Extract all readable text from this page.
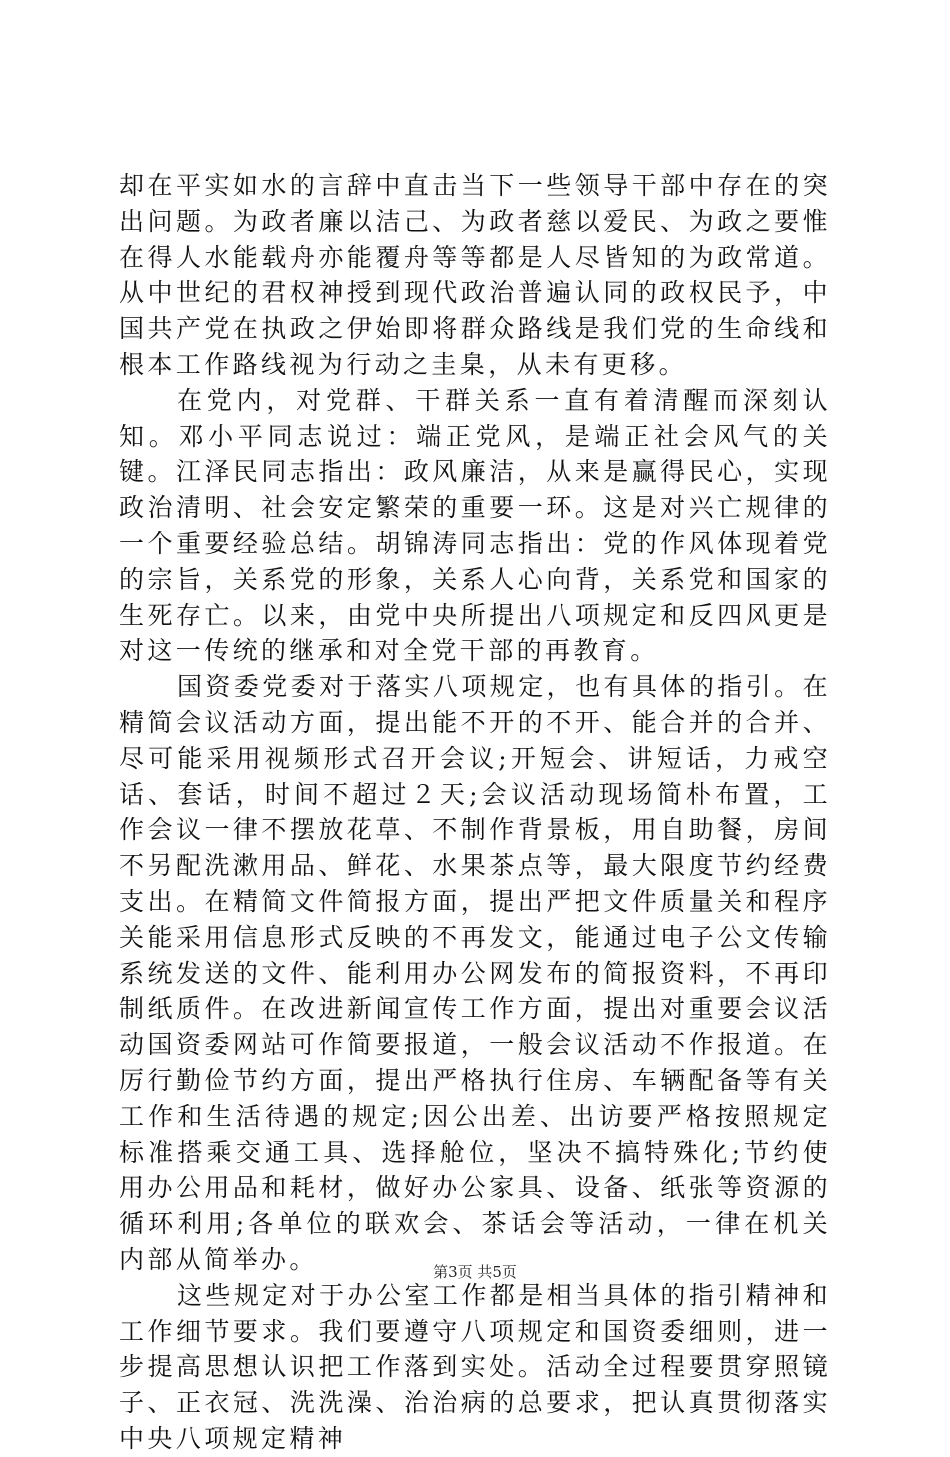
却在平实如水的言辞中直击当下一些领导干部中存在的突出问题。为政者廉以洁己、为政者慈以爱民、为政之要惟在得人水能载舟亦能覆舟等等都是人尽皆知的为政常道。从中世纪的君权神授到现代政治普遍认同的政权民予，中国共产党在执政之伊始即将群众路线是我们党的生命线和根本工作路线视为行动之圭臬，从未有更移。

在党内，对党群、干群关系一直有着清醒而深刻认知。邓小平同志说过：端正党风，是端正社会风气的关键。江泽民同志指出：政风廉洁，从来是赢得民心，实现政治清明、社会安定繁荣的重要一环。这是对兴亡规律的一个重要经验总结。胡锦涛同志指出：党的作风体现着党的宗旨，关系党的形象，关系人心向背，关系党和国家的生死存亡。以来，由党中央所提出八项规定和反四风更是对这一传统的继承和对全党干部的再教育。

国资委党委对于落实八项规定，也有具体的指引。在精简会议活动方面，提出能不开的不开、能合并的合并、尽可能采用视频形式召开会议;开短会、讲短话，力戒空话、套话，时间不超过２天;会议活动现场简朴布置，工作会议一律不摆放花草、不制作背景板，用自助餐，房间不另配洗漱用品、鲜花、水果茶点等，最大限度节约经费支出。在精简文件简报方面，提出严把文件质量关和程序关能采用信息形式反映的不再发文，能通过电子公文传输系统发送的文件、能利用办公网发布的简报资料，不再印制纸质件。在改进新闻宣传工作方面，提出对重要会议活动国资委网站可作简要报道，一般会议活动不作报道。在厉行勤俭节约方面，提出严格执行住房、车辆配备等有关工作和生活待遇的规定;因公出差、出访要严格按照规定标准搭乘交通工具、选择舱位，坚决不搞特殊化;节约使用办公用品和耗材，做好办公家具、设备、纸张等资源的循环利用;各单位的联欢会、茶话会等活动，一律在机关内部从简举办。

这些规定对于办公室工作都是相当具体的指引精神和工作细节要求。我们要遵守八项规定和国资委细则，进一步提高思想认识把工作落到实处。活动全过程要贯穿照镜子、正衣冠、洗洗澡、治治病的总要求，把认真贯彻落实中央八项规定精神

第3页 共5页
